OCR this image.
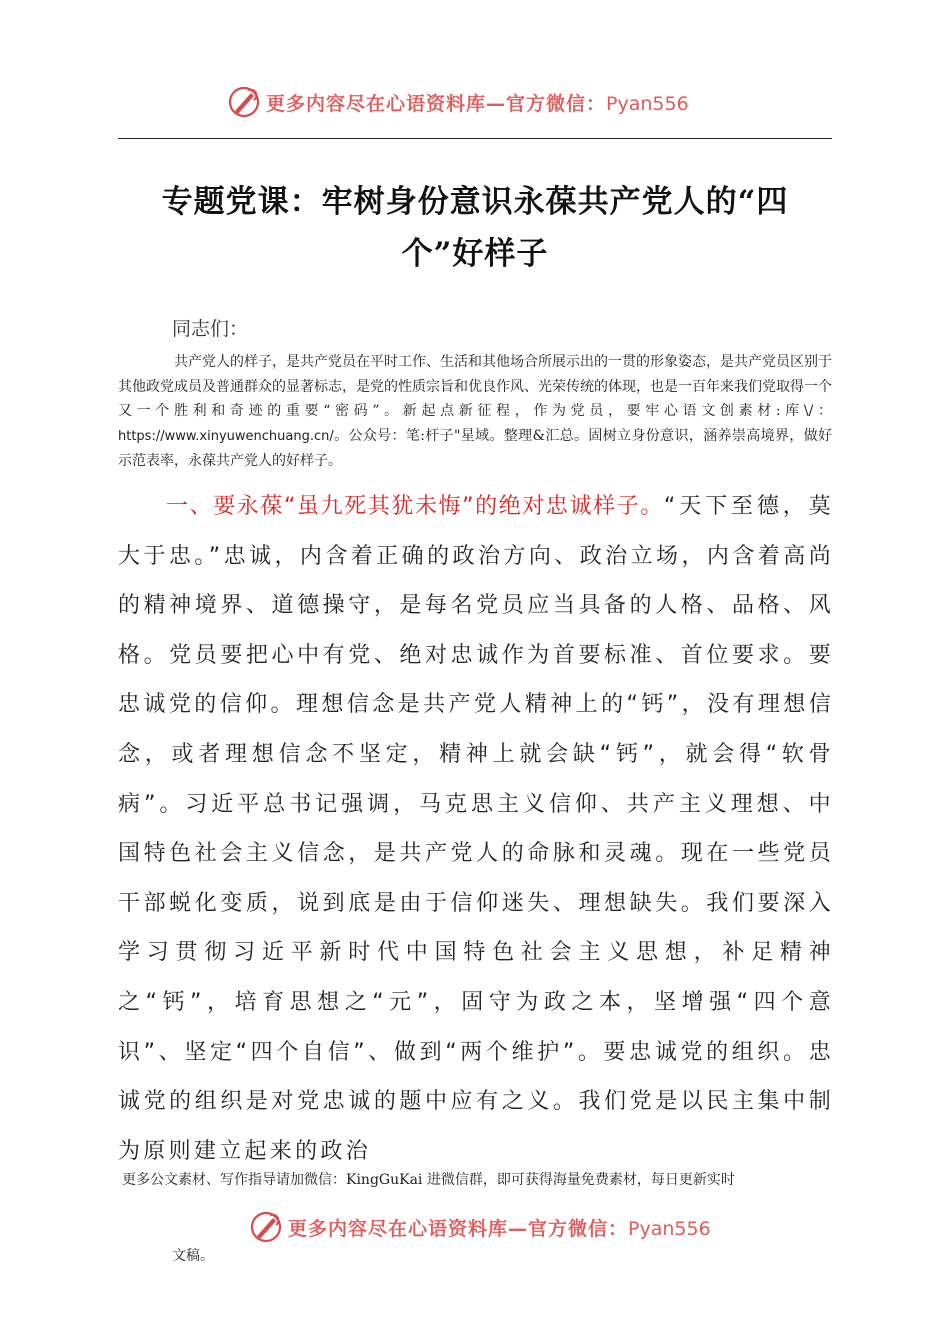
更多内容尽在心语资料库—官方微信：Pyan556
专题党课：牢树身份意识永葆共产党人的“四
个”好样子
同志们：
共产党人的样子，是共产党员在平时工作、生活和其他场合所展示出的一贯的形象姿态，是共产党员区别于其他政党成员及普通群众的显著标志，是党的性质宗旨和优良作风、光荣传统的体现，也是一百年来我们党取得一个又一个胜利和奇迹的重要“密码”。新起点新征程，作为党员，要牢心语文创素材:库\/：https://www.xinyuwenchuang.cn/。公众号：笔:杆子"星域。整理&汇总。固树立身份意识，涵养崇高境界，做好示范表率，永葆共产党人的好样子。
一、要永葆“虽九死其犹未悔”的绝对忠诚样子。“天下至德，莫大于忠。”忠诚，内含着正确的政治方向、政治立场，内含着高尚的精神境界、道德操守，是每名党员应当具备的人格、品格、风格。党员要把心中有党、绝对忠诚作为首要标准、首位要求。要忠诚党的信仰。理想信念是共产党人精神上的“钙”，没有理想信念，或者理想信念不坚定，精神上就会缺“钙”，就会得“软骨病”。习近平总书记强调，马克思主义信仰、共产主义理想、中国特色社会主义信念，是共产党人的命脉和灵魂。现在一些党员干部蜕化变质，说到底是由于信仰迷失、理想缺失。我们要深入学习贯彻习近平新时代中国特色社会主义思想，补足精神之“钙”，培育思想之“元”，固守为政之本，坚增强“四个意识”、坚定“四个自信”、做到“两个维护”。要忠诚党的组织。忠诚党的组织是对党忠诚的题中应有之义。我们党是以民主集中制为原则建立起来的政治
更多公文素材、写作指导请加微信：KingGuKai 进微信群，即可获得海量免费素材，每日更新实时
更多内容尽在心语资料库—官方微信：Pyan556
文稿。
